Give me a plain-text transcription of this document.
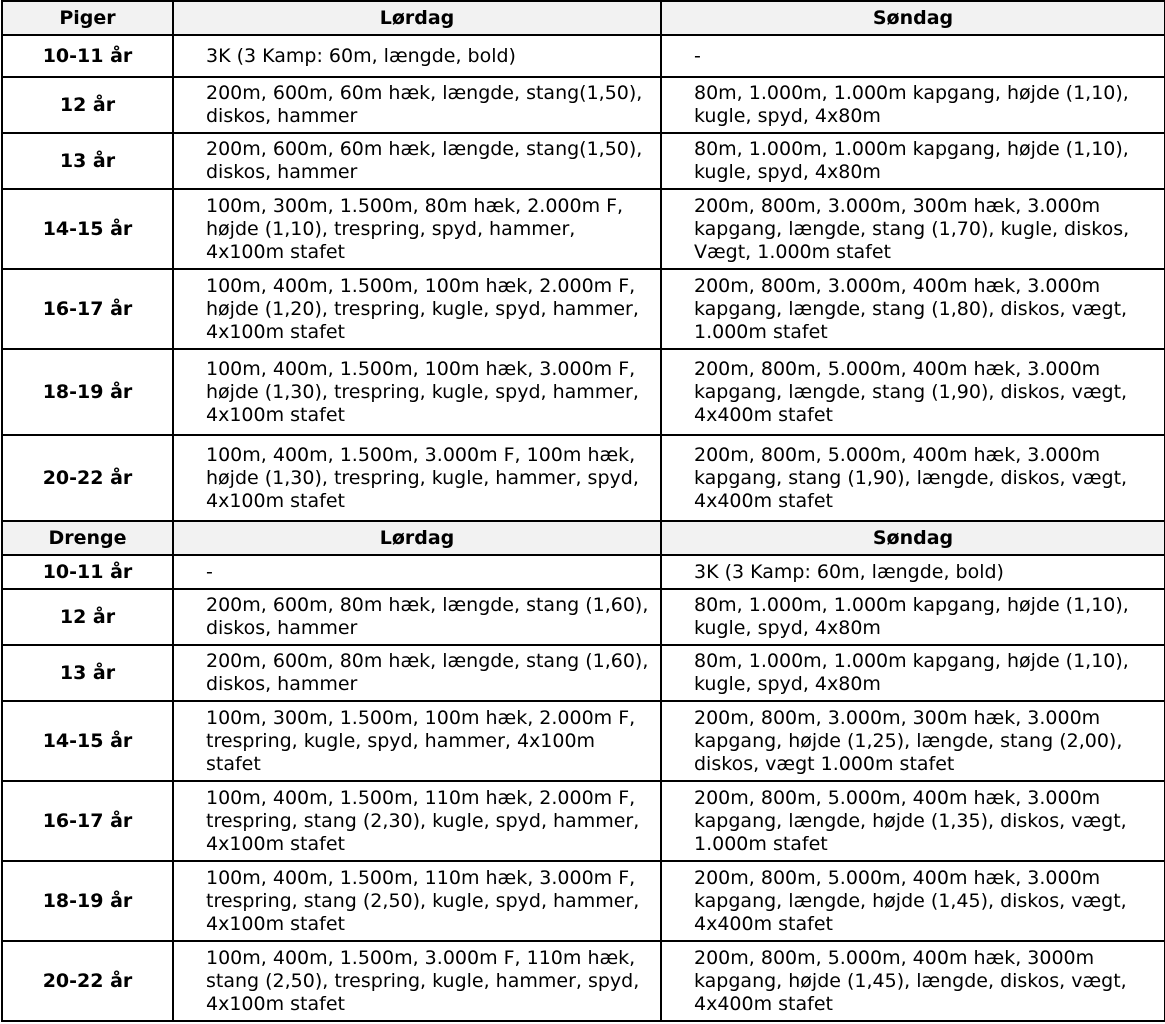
Piger	Lørdag	Søndag
10-11 år	3K (3 Kamp: 60m, længde, bold)	-
12 år	200m, 600m, 60m hæk, længde, stang(1,50), diskos, hammer	80m, 1.000m, 1.000m kapgang, højde (1,10), kugle, spyd, 4x80m
13 år	200m, 600m, 60m hæk, længde, stang(1,50), diskos, hammer	80m, 1.000m, 1.000m kapgang, højde (1,10), kugle, spyd, 4x80m
14-15 år	100m, 300m, 1.500m, 80m hæk, 2.000m F, højde (1,10), trespring, spyd, hammer, 4x100m stafet	200m, 800m, 3.000m, 300m hæk, 3.000m kapgang, længde, stang (1,70), kugle, diskos, Vægt, 1.000m stafet
16-17 år	100m, 400m, 1.500m, 100m hæk, 2.000m F, højde (1,20), trespring, kugle, spyd, hammer, 4x100m stafet	200m, 800m, 3.000m, 400m hæk, 3.000m kapgang, længde, stang (1,80), diskos, vægt, 1.000m stafet
18-19 år	100m, 400m, 1.500m, 100m hæk, 3.000m F, højde (1,30), trespring, kugle, spyd, hammer, 4x100m stafet	200m, 800m, 5.000m, 400m hæk, 3.000m kapgang, længde, stang (1,90), diskos, vægt, 4x400m stafet
20-22 år	100m, 400m, 1.500m, 3.000m F, 100m hæk, højde (1,30), trespring, kugle, hammer, spyd, 4x100m stafet	200m, 800m, 5.000m, 400m hæk, 3.000m kapgang, stang (1,90), længde, diskos, vægt, 4x400m stafet
Drenge	Lørdag	Søndag
10-11 år	-	3K (3 Kamp: 60m, længde, bold)
12 år	200m, 600m, 80m hæk, længde, stang (1,60), diskos, hammer	80m, 1.000m, 1.000m kapgang, højde (1,10), kugle, spyd, 4x80m
13 år	200m, 600m, 80m hæk, længde, stang (1,60), diskos, hammer	80m, 1.000m, 1.000m kapgang, højde (1,10), kugle, spyd, 4x80m
14-15 år	100m, 300m, 1.500m, 100m hæk, 2.000m F, trespring, kugle, spyd, hammer, 4x100m stafet	200m, 800m, 3.000m, 300m hæk, 3.000m kapgang, højde (1,25), længde, stang (2,00), diskos, vægt 1.000m stafet
16-17 år	100m, 400m, 1.500m, 110m hæk, 2.000m F, trespring, stang (2,30), kugle, spyd, hammer, 4x100m stafet	200m, 800m, 5.000m, 400m hæk, 3.000m kapgang, længde, højde (1,35), diskos, vægt, 1.000m stafet
18-19 år	100m, 400m, 1.500m, 110m hæk, 3.000m F, trespring, stang (2,50), kugle, spyd, hammer, 4x100m stafet	200m, 800m, 5.000m, 400m hæk, 3.000m kapgang, længde, højde (1,45), diskos, vægt, 4x400m stafet
20-22 år	100m, 400m, 1.500m, 3.000m F, 110m hæk, stang (2,50), trespring, kugle, hammer, spyd, 4x100m stafet	200m, 800m, 5.000m, 400m hæk, 3000m kapgang, højde (1,45), længde, diskos, vægt, 4x400m stafet
